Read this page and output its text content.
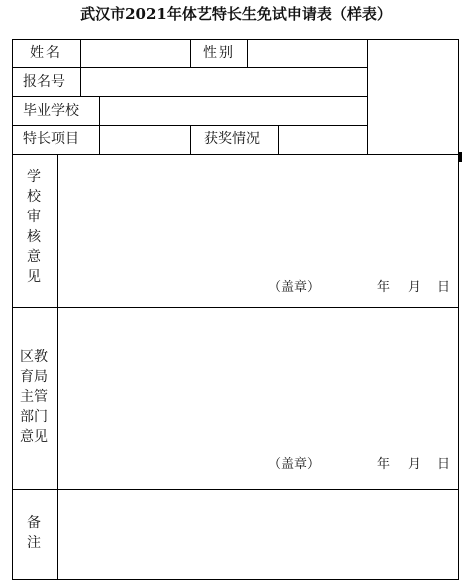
武汉市2021年体艺特长生免试申请表（样表）
姓名	性别
报名号
毕业学校
特长项目	获奖情况
学校审核意见
（盖章）	年 月 日
区教育局主管部门意见
（盖章）	年 月 日
备注
